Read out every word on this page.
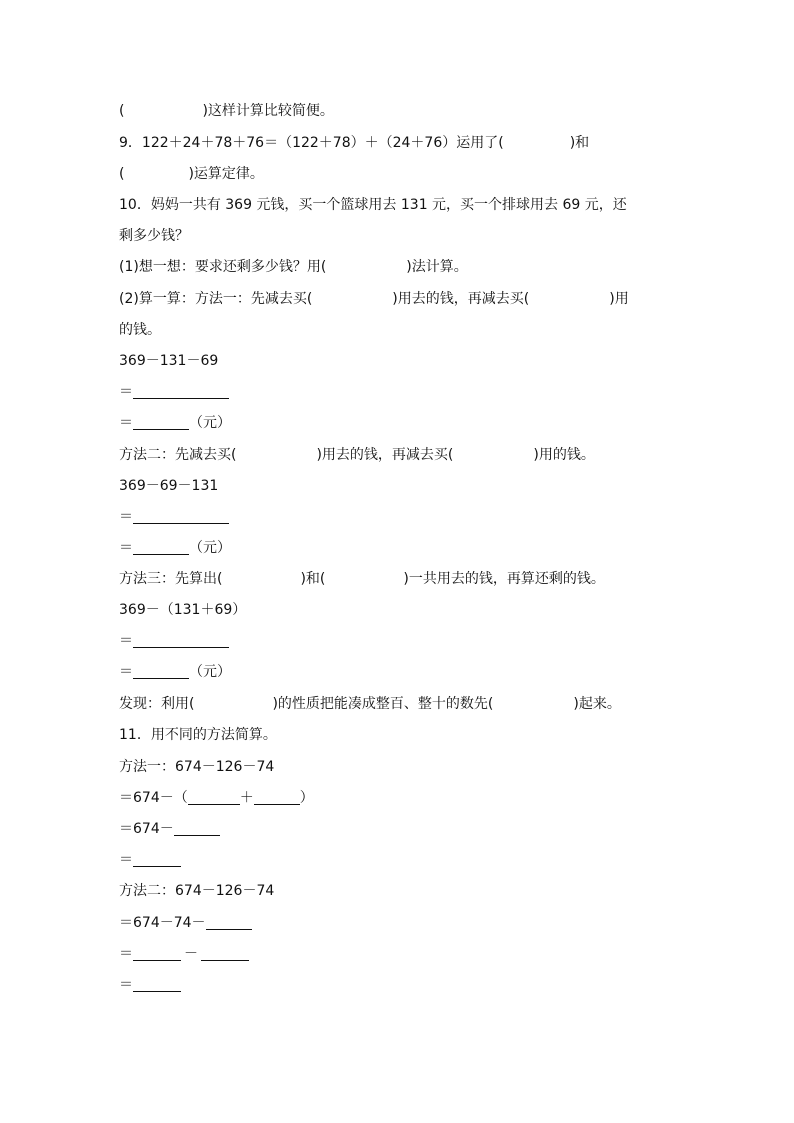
(	)这样计算比较简便。
9．122＋24＋78＋76＝（122＋78）＋（24＋76）运用了(	)和
(	)运算定律。
10．妈妈一共有 369 元钱，买一个篮球用去 131 元，买一个排球用去 69 元，还
剩多少钱？
(1)想一想：要求还剩多少钱？用(	)法计算。
(2)算一算：方法一：先减去买(	)用去的钱，再减去买(	)用
的钱。
369－131－69
＝
＝	（元）
方法二：先减去买(	)用去的钱，再减去买(	)用的钱。
369－69－131
＝
＝	（元）
方法三：先算出(	)和(	)一共用去的钱，再算还剩的钱。
369－（131＋69）
＝
＝	（元）
发现：利用(	)的性质把能凑成整百、整十的数先(	)起来。
11．用不同的方法简算。
方法一：674－126－74
＝674－（	＋	）
＝674－
＝
方法二：674－126－74
＝674－74－
＝	－
＝
